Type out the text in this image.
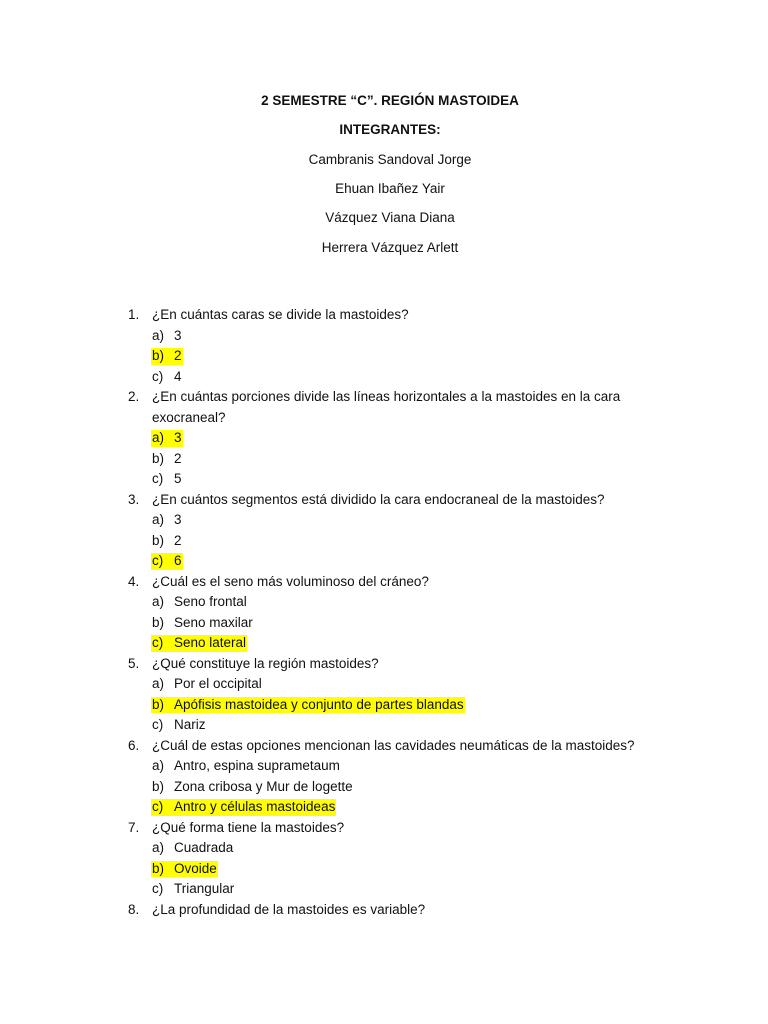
2 SEMESTRE “C”. REGIÓN MASTOIDEA
INTEGRANTES:
Cambranis Sandoval Jorge
Ehuan Ibañez Yair
Vázquez Viana Diana
Herrera Vázquez Arlett
1. ¿En cuántas caras se divide la mastoides?
a) 3
b) 2
c) 4
2. ¿En cuántas porciones divide las líneas horizontales a la mastoides en la cara
exocraneal?
a) 3
b) 2
c) 5
3. ¿En cuántos segmentos está dividido la cara endocraneal de la mastoides?
a) 3
b) 2
c) 6
4. ¿Cuál es el seno más voluminoso del cráneo?
a) Seno frontal
b) Seno maxilar
c) Seno lateral
5. ¿Qué constituye la región mastoides?
a) Por el occipital
b) Apófisis mastoidea y conjunto de partes blandas
c) Nariz
6. ¿Cuál de estas opciones mencionan las cavidades neumáticas de la mastoides?
a) Antro, espina suprametaum
b) Zona cribosa y Mur de logette
c) Antro y células mastoideas
7. ¿Qué forma tiene la mastoides?
a) Cuadrada
b) Ovoide
c) Triangular
8. ¿La profundidad de la mastoides es variable?
